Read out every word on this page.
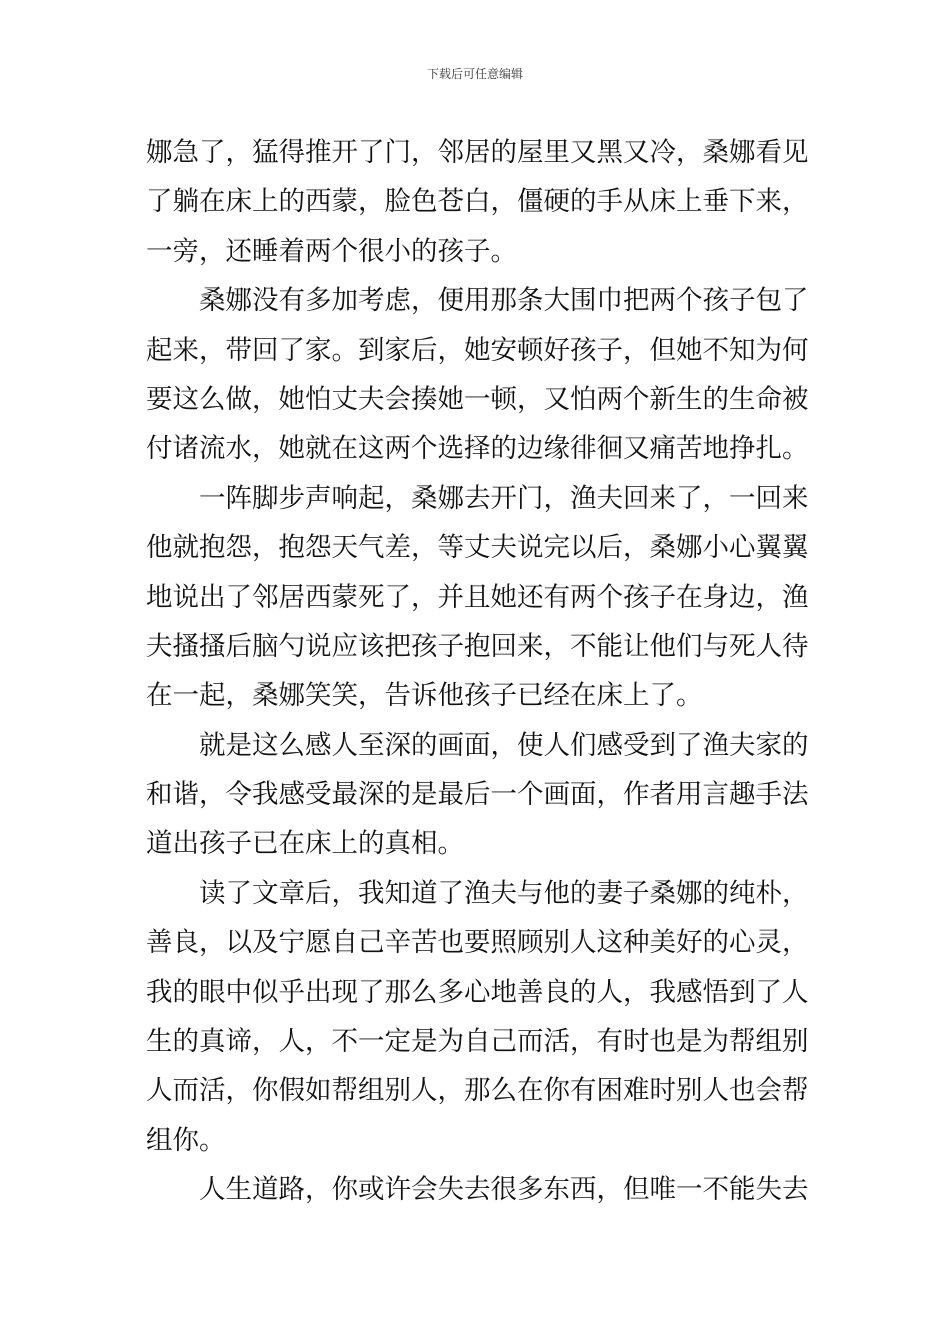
下载后可任意编辑
娜急了，猛得推开了门，邻居的屋里又黑又冷，桑娜看见
了躺在床上的西蒙，脸色苍白，僵硬的手从床上垂下来，
一旁，还睡着两个很小的孩子。
桑娜没有多加考虑，便用那条大围巾把两个孩子包了
起来，带回了家。到家后，她安顿好孩子，但她不知为何
要这么做，她怕丈夫会揍她一顿，又怕两个新生的生命被
付诸流水，她就在这两个选择的边缘徘徊又痛苦地挣扎。
一阵脚步声响起，桑娜去开门，渔夫回来了，一回来
他就抱怨，抱怨天气差，等丈夫说完以后，桑娜小心翼翼
地说出了邻居西蒙死了，并且她还有两个孩子在身边，渔
夫搔搔后脑勺说应该把孩子抱回来，不能让他们与死人待
在一起，桑娜笑笑，告诉他孩子已经在床上了。
就是这么感人至深的画面，使人们感受到了渔夫家的
和谐，令我感受最深的是最后一个画面，作者用言趣手法
道出孩子已在床上的真相。
读了文章后，我知道了渔夫与他的妻子桑娜的纯朴，
善良，以及宁愿自己辛苦也要照顾别人这种美好的心灵，
我的眼中似乎出现了那么多心地善良的人，我感悟到了人
生的真谛，人，不一定是为自己而活，有时也是为帮组别
人而活，你假如帮组别人，那么在你有困难时别人也会帮
组你。
人生道路，你或许会失去很多东西，但唯一不能失去
